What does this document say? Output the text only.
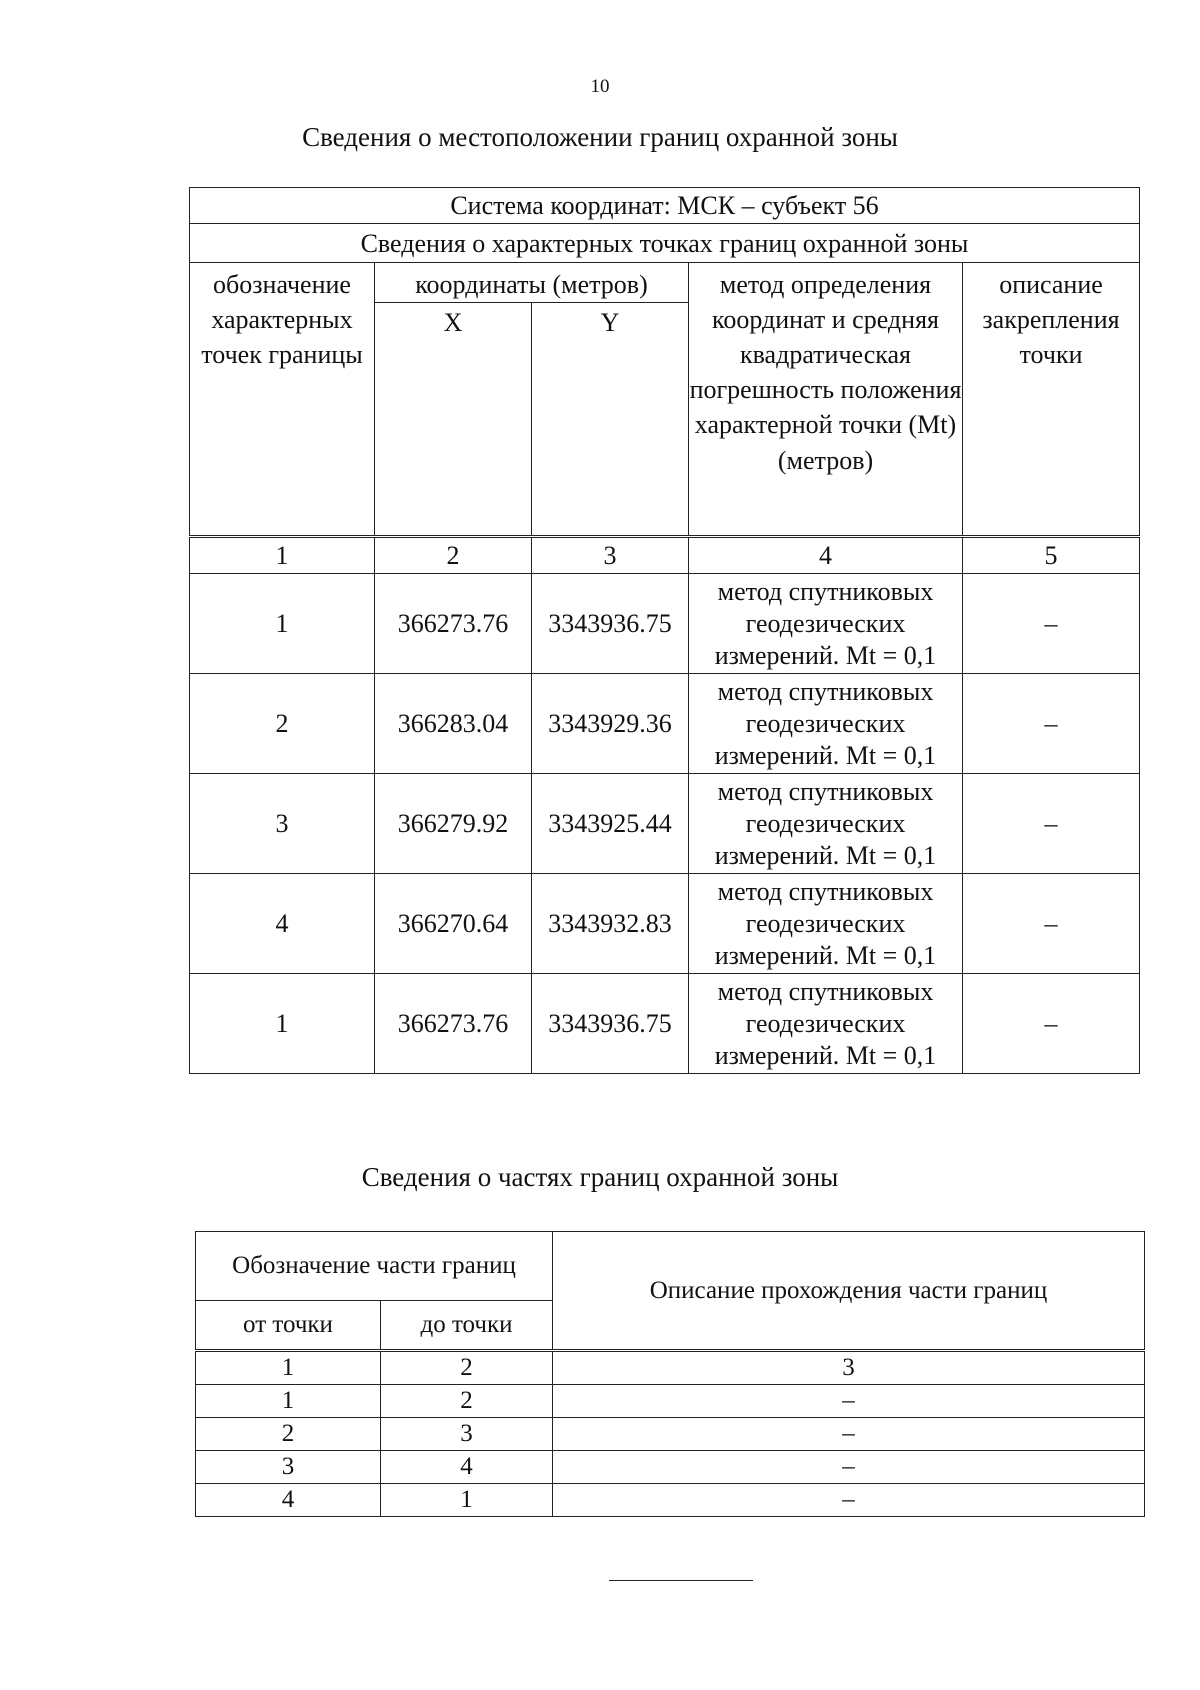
10
Сведения о местоположении границ охранной зоны
Система координат: МСК – субъект 56				
Сведения о характерных точках границ охранной зоны				
обозначение характерных точек границы	координаты (метров)		метод определения координат и средняя квадратическая погрешность положения характерной точки (Mt) (метров)	описание закрепления точки
	X	Y		
1	2	3	4	5
1	366273.76	3343936.75	метод спутниковых геодезических измерений. Mt = 0,1	–
2	366283.04	3343929.36	метод спутниковых геодезических измерений. Mt = 0,1	–
3	366279.92	3343925.44	метод спутниковых геодезических измерений. Mt = 0,1	–
4	366270.64	3343932.83	метод спутниковых геодезических измерений. Mt = 0,1	–
1	366273.76	3343936.75	метод спутниковых геодезических измерений. Mt = 0,1	–
Сведения о частях границ охранной зоны
Обозначение части границ		Описание прохождения части границ
от точки	до точки	
1	2	3
1	2	–
2	3	–
3	4	–
4	1	–
